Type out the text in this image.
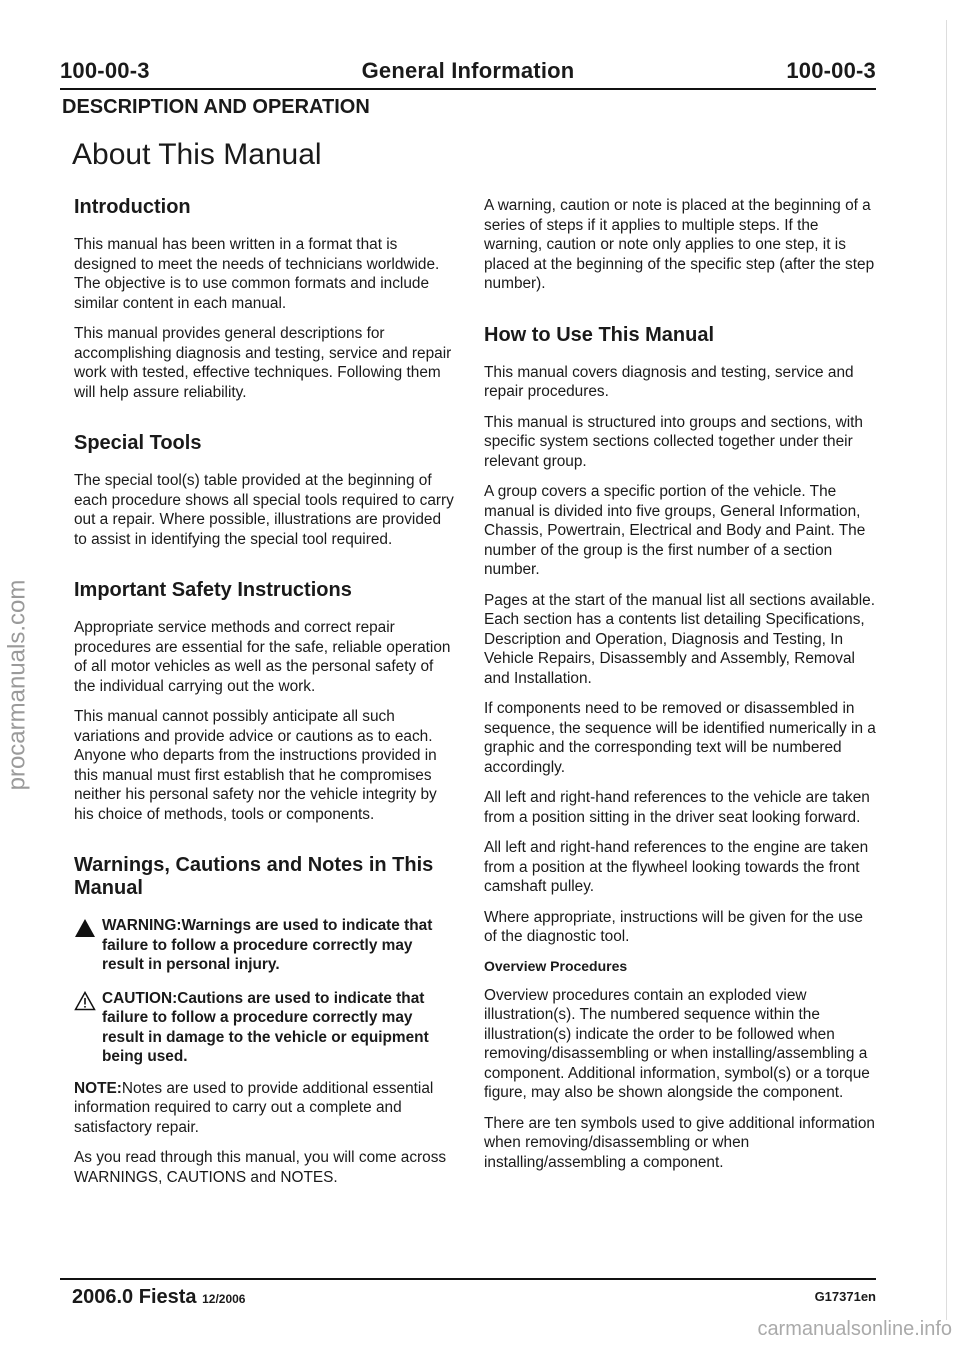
100-00-3	General Information	100-00-3
DESCRIPTION AND OPERATION
About This Manual
Introduction

This manual has been written in a format that is designed to meet the needs of technicians worldwide. The objective is to use common formats and include similar content in each manual.

This manual provides general descriptions for accomplishing diagnosis and testing, service and repair work with tested, effective techniques. Following them will help assure reliability.

Special Tools

The special tool(s) table provided at the beginning of each procedure shows all special tools required to carry out a repair. Where possible, illustrations are provided to assist in identifying the special tool required.

Important Safety Instructions

Appropriate service methods and correct repair procedures are essential for the safe, reliable operation of all motor vehicles as well as the personal safety of the individual carrying out the work.

This manual cannot possibly anticipate all such variations and provide advice or cautions as to each. Anyone who departs from the instructions provided in this manual must first establish that he compromises neither his personal safety nor the vehicle integrity by his choice of methods, tools or components.

Warnings, Cautions and Notes in This Manual
WARNING:Warnings are used to indicate that failure to follow a procedure correctly may result in personal injury.
CAUTION:Cautions are used to indicate that failure to follow a procedure correctly may result in damage to the vehicle or equipment being used.

NOTE:Notes are used to provide additional essential information required to carry out a complete and satisfactory repair.

As you read through this manual, you will come across WARNINGS, CAUTIONS and NOTES.

A warning, caution or note is placed at the beginning of a series of steps if it applies to multiple steps. If the warning, caution or note only applies to one step, it is placed at the beginning of the specific step (after the step number).

How to Use This Manual

This manual covers diagnosis and testing, service and repair procedures.

This manual is structured into groups and sections, with specific system sections collected together under their relevant group.

A group covers a specific portion of the vehicle. The manual is divided into five groups, General Information, Chassis, Powertrain, Electrical and Body and Paint. The number of the group is the first number of a section number.

Pages at the start of the manual list all sections available. Each section has a contents list detailing Specifications, Description and Operation, Diagnosis and Testing, In Vehicle Repairs, Disassembly and Assembly, Removal and Installation.

If components need to be removed or disassembled in sequence, the sequence will be identified numerically in a graphic and the corresponding text will be numbered accordingly.

All left and right-hand references to the vehicle are taken from a position sitting in the driver seat looking forward.

All left and right-hand references to the engine are taken from a position at the flywheel looking towards the front camshaft pulley.

Where appropriate, instructions will be given for the use of the diagnostic tool.

Overview Procedures

Overview procedures contain an exploded view illustration(s). The numbered sequence within the illustration(s) indicate the order to be followed when removing/disassembling or when installing/assembling a component. Additional information, symbol(s) or a torque figure, may also be shown alongside the component.

There are ten symbols used to give additional information when removing/disassembling or when installing/assembling a component.

2006.0 Fiesta 12/2006	G17371en
procarmanuals.com
carmanualsonline.info
